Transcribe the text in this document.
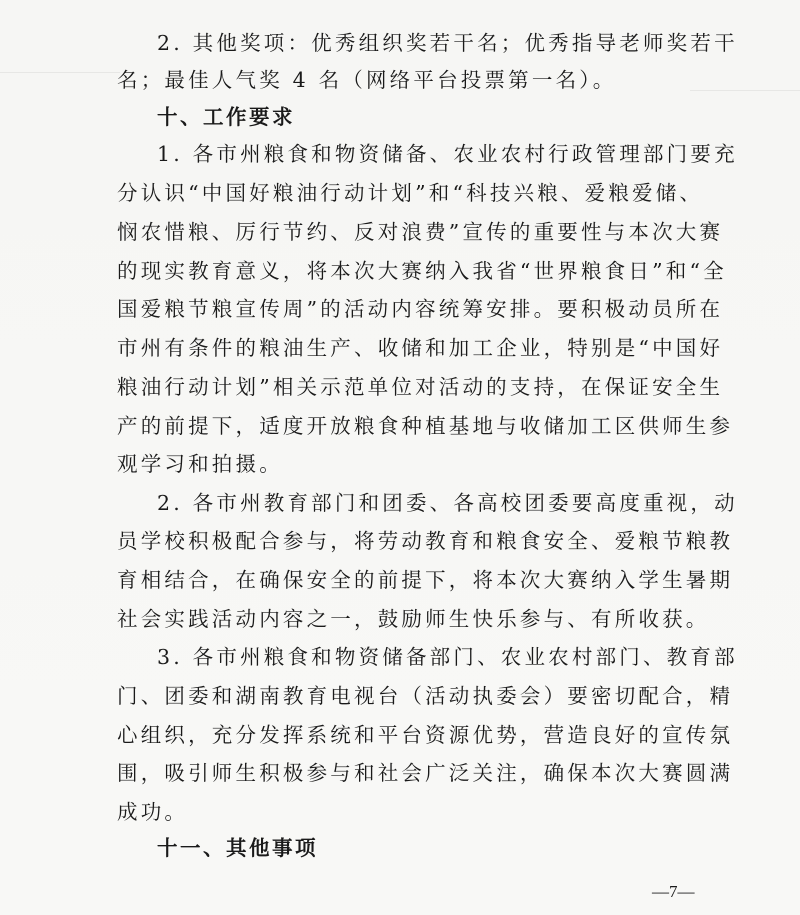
2. 其他奖项：优秀组织奖若干名；优秀指导老师奖若干
名；最佳人气奖 4 名（网络平台投票第一名）。
十、工作要求
1. 各市州粮食和物资储备、农业农村行政管理部门要充
分认识“中国好粮油行动计划”和“科技兴粮、爱粮爱储、
悯农惜粮、厉行节约、反对浪费”宣传的重要性与本次大赛
的现实教育意义，将本次大赛纳入我省“世界粮食日”和“全
国爱粮节粮宣传周”的活动内容统筹安排。要积极动员所在
市州有条件的粮油生产、收储和加工企业，特别是“中国好
粮油行动计划”相关示范单位对活动的支持，在保证安全生
产的前提下，适度开放粮食种植基地与收储加工区供师生参
观学习和拍摄。
2. 各市州教育部门和团委、各高校团委要高度重视，动
员学校积极配合参与，将劳动教育和粮食安全、爱粮节粮教
育相结合，在确保安全的前提下，将本次大赛纳入学生暑期
社会实践活动内容之一，鼓励师生快乐参与、有所收获。
3. 各市州粮食和物资储备部门、农业农村部门、教育部
门、团委和湖南教育电视台（活动执委会）要密切配合，精
心组织，充分发挥系统和平台资源优势，营造良好的宣传氛
围，吸引师生积极参与和社会广泛关注，确保本次大赛圆满
成功。
十一、其他事项
—7—
